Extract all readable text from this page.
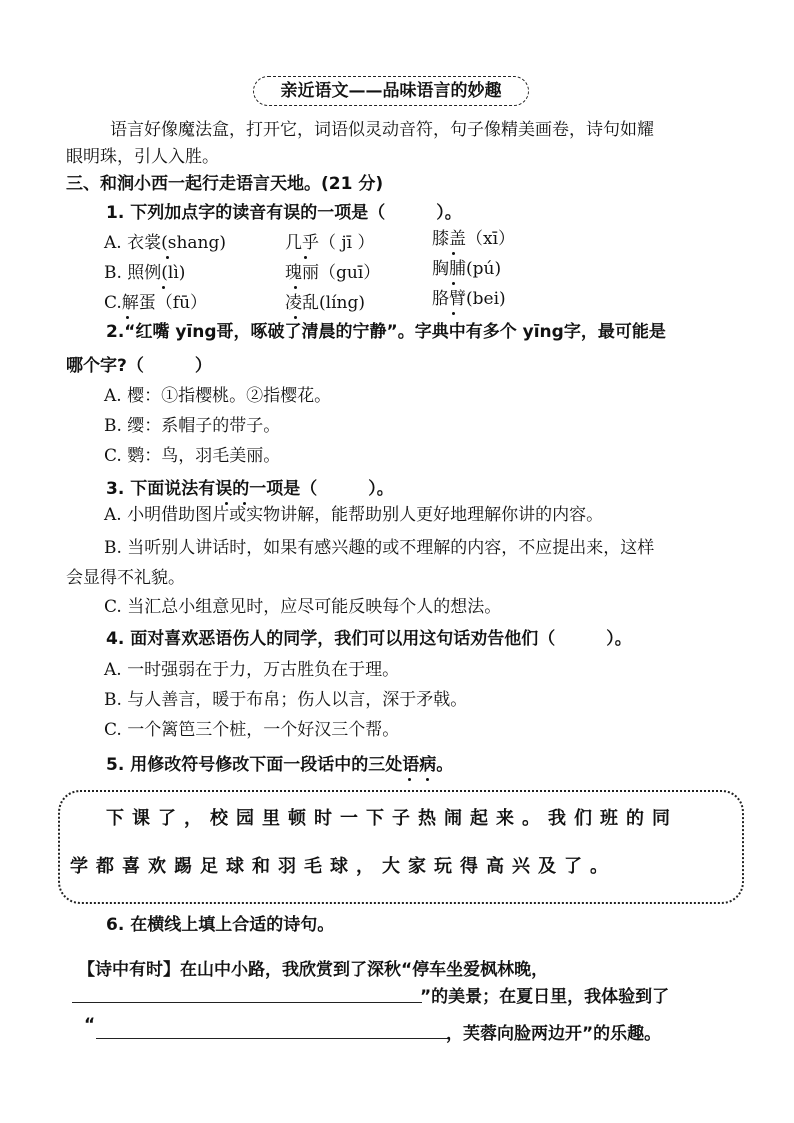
亲近语文——品味语言的妙趣
语言好像魔法盒，打开它，词语似灵动音符，句子像精美画卷，诗句如耀
眼明珠，引人入胜。
三、和涧小西一起行走语言天地。(21 分)
1. 下列加点字的读音有误的一项是（　　　）。
A. 衣裳(shang)	几乎（ jī ）	膝盖（xī）
B. 照例(lì)	瑰丽（guī）	胸脯(pú)
C.解蛋（fū）	凌乱(líng)	胳臂(bei)
2.“红嘴 yīng哥，啄破了清晨的宁静”。字典中有多个 yīng字，最可能是
哪个字?（　　　）
A. 樱：①指樱桃。②指樱花。
B. 缨：系帽子的带子。
C. 鹦：鸟，羽毛美丽。
3. 下面说法有误的一项是（　　　）。
A. 小明借助图片或实物讲解，能帮助别人更好地理解你讲的内容。
B. 当听别人讲话时，如果有感兴趣的或不理解的内容，不应提出来，这样
会显得不礼貌。
C. 当汇总小组意见时，应尽可能反映每个人的想法。
4. 面对喜欢恶语伤人的同学，我们可以用这句话劝告他们（　　　）。
A. 一时强弱在于力，万古胜负在于理。
B. 与人善言，暖于布帛；伤人以言，深于矛戟。
C. 一个篱笆三个桩，一个好汉三个帮。
5. 用修改符号修改下面一段话中的三处语病。
下课了，校园里顿时一下子热闹起来。我们班的同
学都喜欢踢足球和羽毛球，大家玩得高兴及了。
6. 在横线上填上合适的诗句。
【诗中有时】在山中小路，我欣赏到了深秋“停车坐爱枫林晚，
”的美景；在夏日里，我体验到了
“	，芙蓉向脸两边开”的乐趣。
